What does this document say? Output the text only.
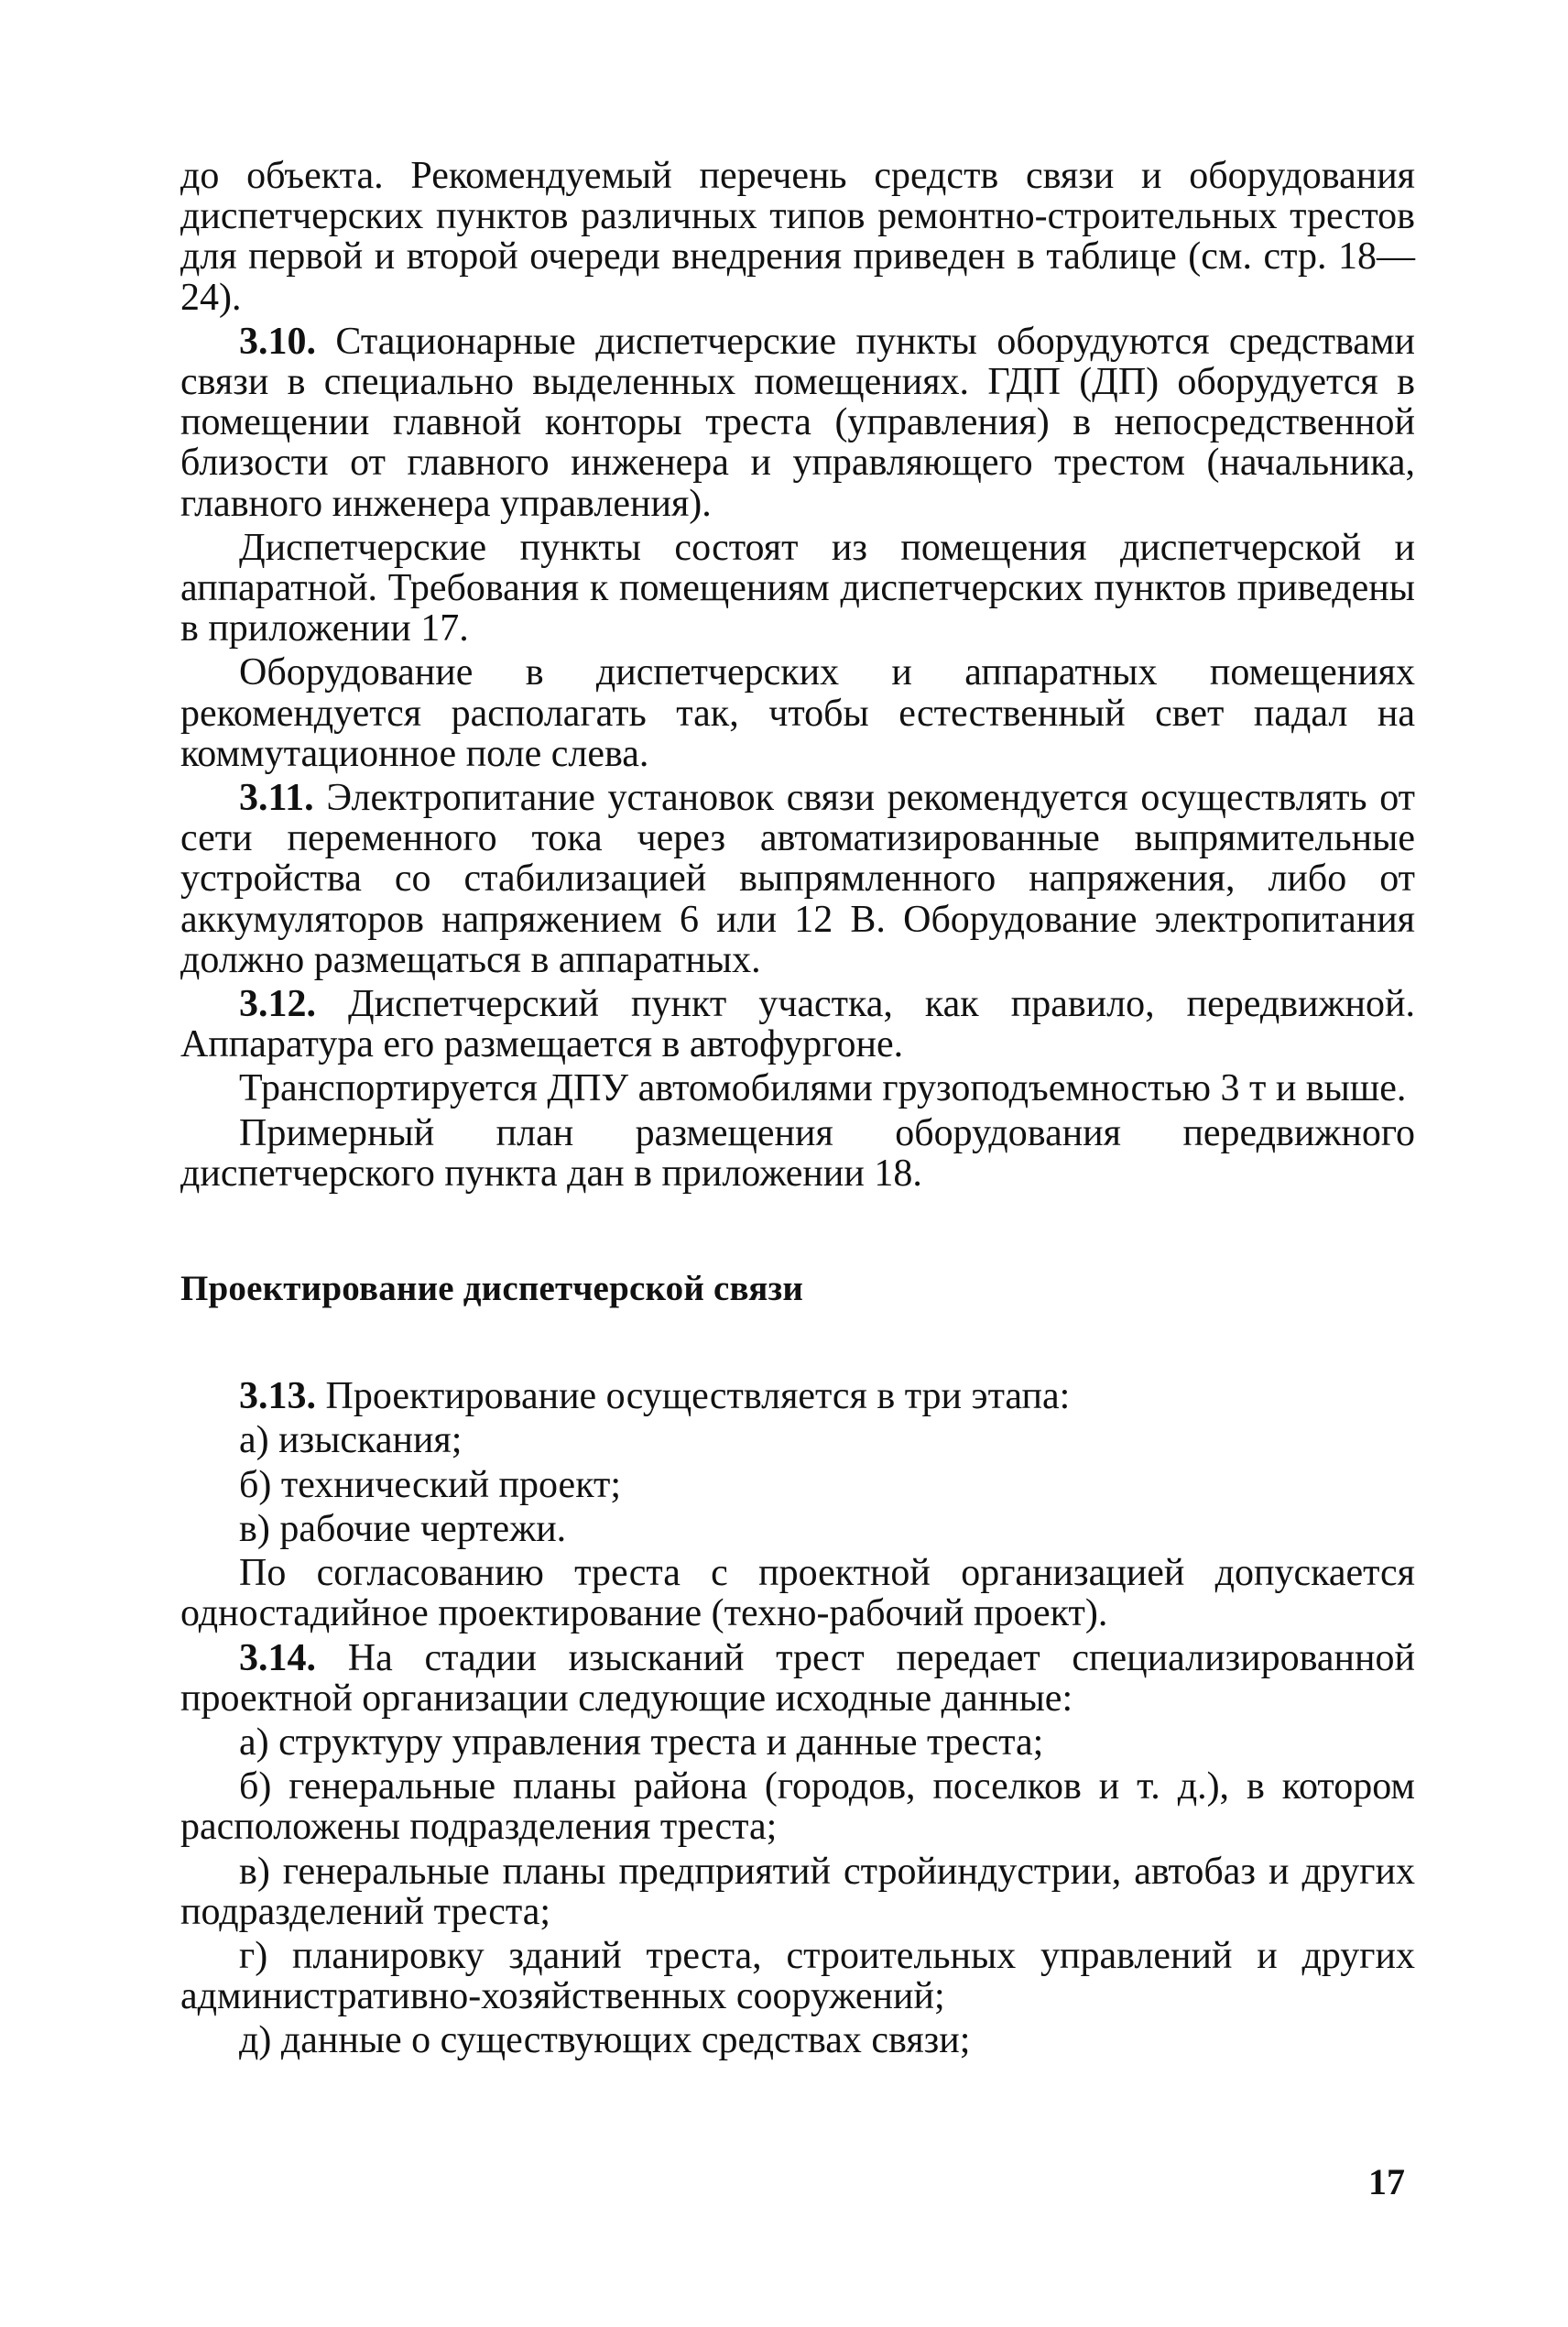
до объекта. Рекомендуемый перечень средств связи и оборудования диспетчерских пунктов различных типов ремонтно-строительных трестов для первой и второй очереди внедрения приведен в таблице (см. стр. 18—24).

3.10. Стационарные диспетчерские пункты оборудуются средствами связи в специально выделенных помещениях. ГДП (ДП) оборудуется в помещении главной конторы треста (управления) в непосредственной близости от главного инженера и управляющего трестом (начальника, главного инженера управления).

Диспетчерские пункты состоят из помещения диспетчерской и аппаратной. Требования к помещениям диспетчерских пунктов приведены в приложении 17.

Оборудование в диспетчерских и аппаратных помещениях рекомендуется располагать так, чтобы естественный свет падал на коммутационное поле слева.

3.11. Электропитание установок связи рекомендуется осуществлять от сети переменного тока через автоматизированные выпрямительные устройства со стабилизацией выпрямленного напряжения, либо от аккумуляторов напряжением 6 или 12 В. Оборудование электропитания должно размещаться в аппаратных.

3.12. Диспетчерский пункт участка, как правило, передвижной. Аппаратура его размещается в автофургоне.

Транспортируется ДПУ автомобилями грузоподъемностью 3 т и выше.

Примерный план размещения оборудования передвижного диспетчерского пункта дан в приложении 18.

Проектирование диспетчерской связи

3.13. Проектирование осуществляется в три этапа:

а) изыскания;

б) технический проект;

в) рабочие чертежи.

По согласованию треста с проектной организацией допускается одностадийное проектирование (техно-рабочий проект).

3.14. На стадии изысканий трест передает специализированной проектной организации следующие исходные данные:

а) структуру управления треста и данные треста;

б) генеральные планы района (городов, поселков и т. д.), в котором расположены подразделения треста;

в) генеральные планы предприятий стройиндустрии, автобаз и других подразделений треста;

г) планировку зданий треста, строительных управлений и других административно-хозяйственных сооружений;

д) данные о существующих средствах связи;

17
